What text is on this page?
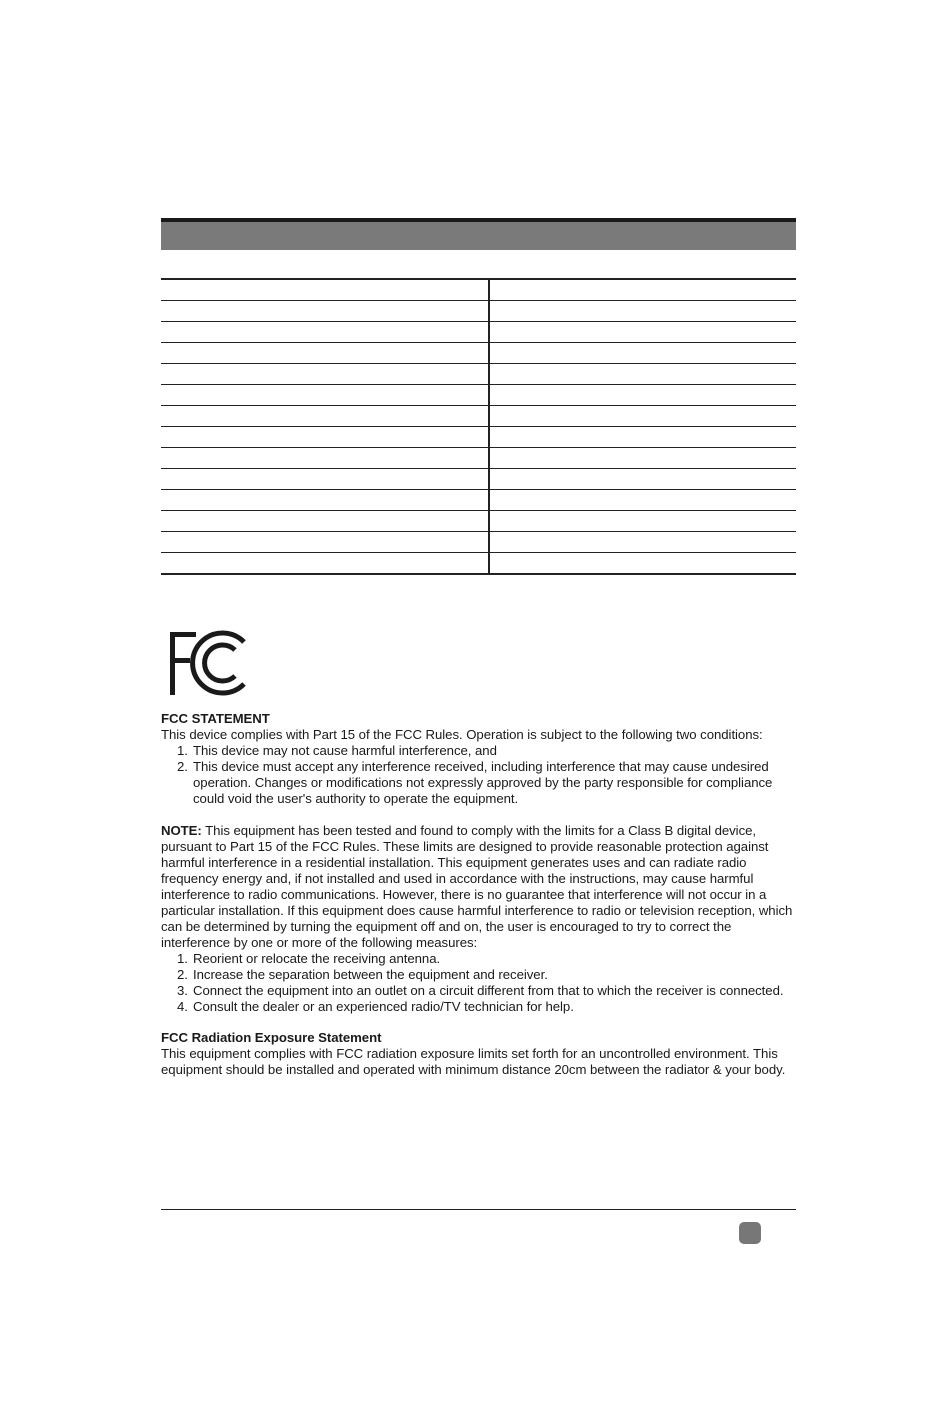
FCC STATEMENT

This device complies with Part 15 of the FCC Rules. Operation is subject to the following two conditions:

1. This device may not cause harmful interference, and
2. This device must accept any interference received, including interference that may cause undesired operation. Changes or modifications not expressly approved by the party responsible for compliance could void the user's authority to operate the equipment.

NOTE: This equipment has been tested and found to comply with the limits for a Class B digital device, pursuant to Part 15 of the FCC Rules. These limits are designed to provide reasonable protection against harmful interference in a residential installation. This equipment generates uses and can radiate radio frequency energy and, if not installed and used in accordance with the instructions, may cause harmful interference to radio communications. However, there is no guarantee that interference will not occur in a particular installation. If this equipment does cause harmful interference to radio or television reception, which can be determined by turning the equipment off and on, the user is encouraged to try to correct the interference by one or more of the following measures:

1. Reorient or relocate the receiving antenna.
2. Increase the separation between the equipment and receiver.
3. Connect the equipment into an outlet on a circuit different from that to which the receiver is connected.
4. Consult the dealer or an experienced radio/TV technician for help.

FCC Radiation Exposure Statement

This equipment complies with FCC radiation exposure limits set forth for an uncontrolled environment. This equipment should be installed and operated with minimum distance 20cm between the radiator & your body.
